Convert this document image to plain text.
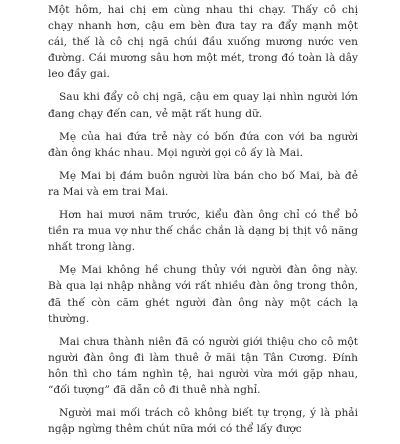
Một hôm, hai chị em cùng nhau thi chạy. Thấy cô chị chạy nhanh hơn, cậu em bèn đưa tay ra đẩy mạnh một cái, thế là cô chị ngã chúi đầu xuống mương nước ven đường. Cái mương sâu hơn một mét, trong đó toàn là dây leo đầy gai.

Sau khi đẩy cô chị ngã, cậu em quay lại nhìn người lớn đang chạy đến can, vẻ mặt rất hung dữ.

Mẹ của hai đứa trẻ này có bốn đứa con với ba người đàn ông khác nhau. Mọi người gọi cô ấy là Mai.

Mẹ Mai bị đám buôn người lừa bán cho bố Mai, bà đẻ ra Mai và em trai Mai.

Hơn hai mươi năm trước, kiểu đàn ông chỉ có thể bỏ tiền ra mua vợ như thế chắc chắn là dạng bị thịt vô năng nhất trong làng.

Mẹ Mai không hề chung thủy với người đàn ông này. Bà qua lại nhập nhằng với rất nhiều đàn ông trong thôn, đã thế còn căm ghét người đàn ông này một cách lạ thường.

Mai chưa thành niên đã có người giới thiệu cho cô một người đàn ông đi làm thuê ở mãi tận Tân Cương. Đính hôn thì cho tám nghìn tệ, hai người vừa mới gặp nhau, “đối tượng” đã dẫn cô đi thuê nhà nghỉ.

Người mai mối trách cô không biết tự trọng, ý là phải ngập ngừng thêm chút nữa mới có thể lấy được
